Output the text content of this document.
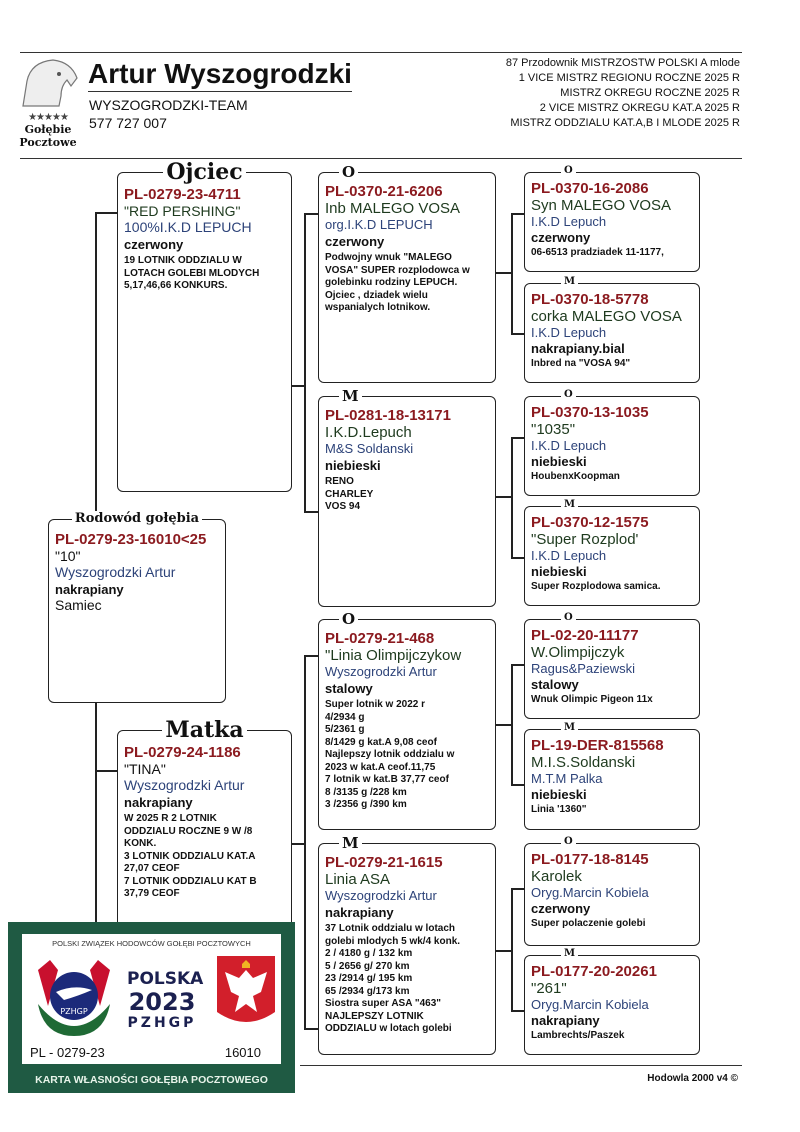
★★★★★
Gołębie
Pocztowe
Artur Wyszogrodzki
WYSZOGRODZKI-TEAM
577 727 007
87 Przodownik MISTRZOSTW POLSKI A mlode
1 VICE MISTRZ REGIONU ROCZNE 2025 R
MISTRZ OKREGU ROCZNE 2025 R
2 VICE MISTRZ OKREGU KAT.A 2025 R
MISTRZ ODDZIALU KAT.A,B I MLODE 2025 R
Ojciec
PL-0279-23-4711
"RED PERSHING"
100%I.K.D LEPUCH
czerwony
19 LOTNIK ODDZIALU W
LOTACH GOLEBI MLODYCH
5,17,46,66 KONKURS.
Rodowód gołębia
PL-0279-23-16010<25
"10"
Wyszogrodzki Artur
nakrapiany
Samiec
Matka
PL-0279-24-1186
"TINA"
Wyszogrodzki Artur
nakrapiany
W 2025 R 2 LOTNIK
ODDZIALU ROCZNE 9 W /8
KONK.
3 LOTNIK ODDZIALU KAT.A
27,07 CEOF
7 LOTNIK ODDZIALU KAT B
37,79 CEOF
O
PL-0370-21-6206
Inb MALEGO VOSA
org.I.K.D LEPUCH
czerwony
Podwojny wnuk "MALEGO
VOSA" SUPER rozplodowca w
golebinku rodziny LEPUCH.
Ojciec , dziadek wielu
wspanialych lotnikow.
M
PL-0281-18-13171
I.K.D.Lepuch
M&S Soldanski
niebieski
RENO
CHARLEY
VOS 94
O
PL-0279-21-468
"Linia Olimpijczykow
Wyszogrodzki Artur
stalowy
Super lotnik w 2022 r
4/2934 g
5/2361 g
8/1429 g kat.A 9,08 ceof
Najlepszy lotnik oddzialu w
2023 w kat.A ceof.11,75
7 lotnik w kat.B 37,77 ceof
8 /3135 g /228 km
3 /2356 g /390 km
M
PL-0279-21-1615
Linia ASA
Wyszogrodzki Artur
nakrapiany
37 Lotnik oddzialu w lotach
golebi mlodych 5 wk/4 konk.
2 / 4180 g / 132 km
5 / 2656 g/ 270 km
23 /2914 g/ 195 km
65 /2934 g/173 km
Siostra super ASA "463"
NAJLEPSZY LOTNIK
ODDZIALU w lotach golebi
O
PL-0370-16-2086
Syn MALEGO VOSA
I.K.D Lepuch
czerwony
06-6513 pradziadek 11-1177,
M
PL-0370-18-5778
corka MALEGO VOSA
I.K.D Lepuch
nakrapiany.bial
Inbred na "VOSA 94"
O
PL-0370-13-1035
"1035"
I.K.D Lepuch
niebieski
HoubenxKoopman
M
PL-0370-12-1575
"Super Rozplod'
I.K.D Lepuch
niebieski
Super Rozplodowa samica.
O
PL-02-20-11177
W.Olimpijczyk
Ragus&Paziewski
stalowy
Wnuk Olimpic Pigeon 11x
M
PL-19-DER-815568
M.I.S.Soldanski
M.T.M Palka
niebieski
Linia '1360"
O
PL-0177-18-8145
Karolek
Oryg.Marcin Kobiela
czerwony
Super polaczenie golebi
M
PL-0177-20-20261
"261"
Oryg.Marcin Kobiela
nakrapiany
Lambrechts/Paszek
POLSKI ZWIĄZEK HODOWCÓW GOŁĘBI POCZTOWYCH
PZHGP
POLSKA
2023
PZHGP
PL - 0279-23	16010
KARTA WŁASNOŚCI GOŁĘBIA POCZTOWEGO	Hodowla 2000 v4 ©
